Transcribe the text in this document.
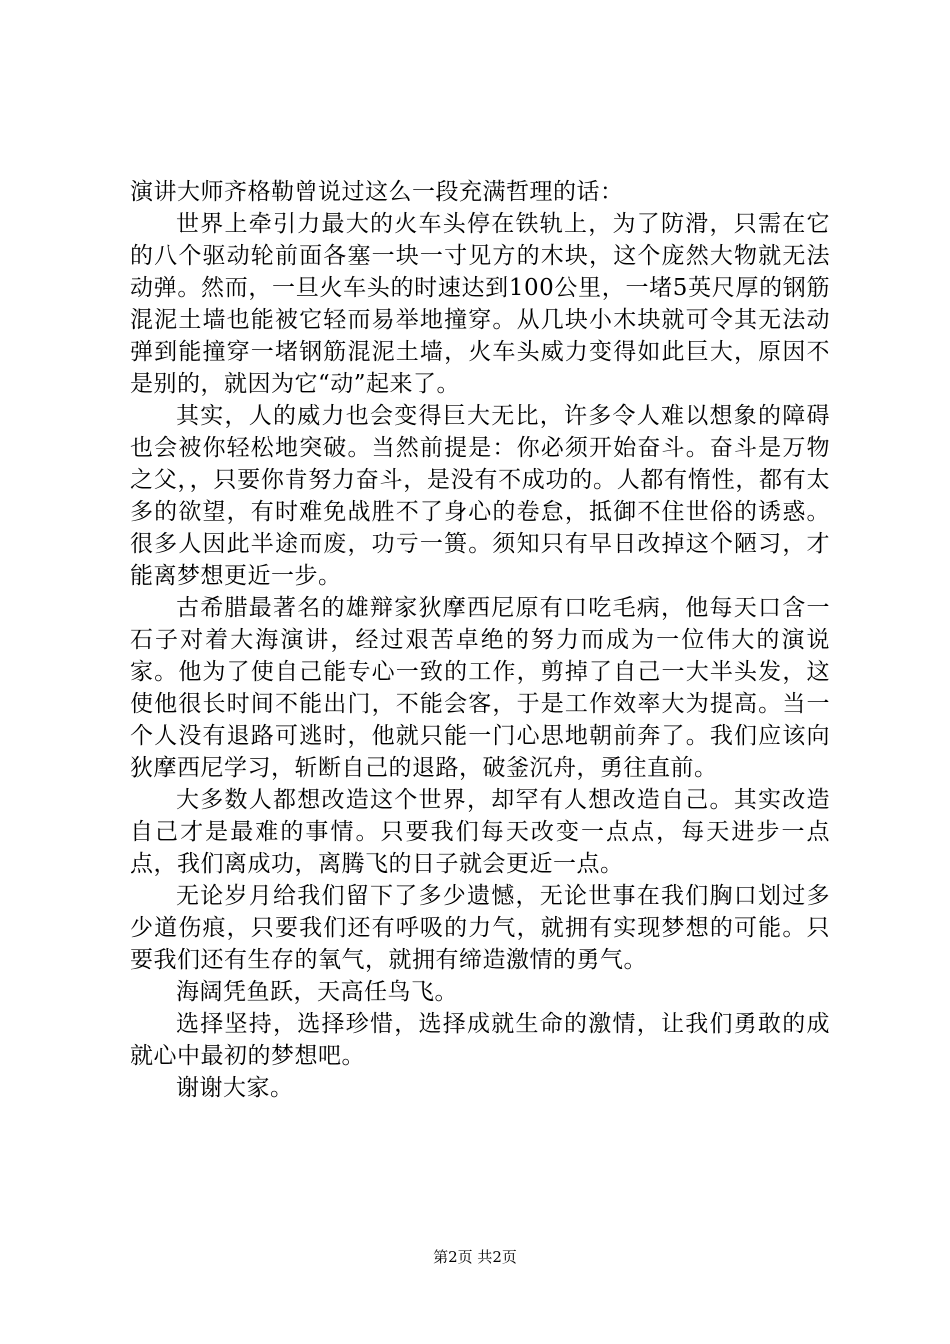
演讲大师齐格勒曾说过这么一段充满哲理的话：

世界上牵引力最大的火车头停在铁轨上，为了防滑，只需在它的八个驱动轮前面各塞一块一寸见方的木块，这个庞然大物就无法动弹。然而，一旦火车头的时速达到100公里，一堵5英尺厚的钢筋混泥土墙也能被它轻而易举地撞穿。从几块小木块就可令其无法动弹到能撞穿一堵钢筋混泥土墙，火车头威力变得如此巨大，原因不是别的，就因为它“动”起来了。

其实，人的威力也会变得巨大无比，许多令人难以想象的障碍也会被你轻松地突破。当然前提是：你必须开始奋斗。奋斗是万物之父，，只要你肯努力奋斗，是没有不成功的。人都有惰性，都有太多的欲望，有时难免战胜不了身心的卷怠，抵御不住世俗的诱惑。很多人因此半途而废，功亏一篑。须知只有早日改掉这个陋习，才能离梦想更近一步。

古希腊最著名的雄辩家狄摩西尼原有口吃毛病，他每天口含一石子对着大海演讲，经过艰苦卓绝的努力而成为一位伟大的演说家。他为了使自己能专心一致的工作，剪掉了自己一大半头发，这使他很长时间不能出门，不能会客，于是工作效率大为提高。当一个人没有退路可逃时，他就只能一门心思地朝前奔了。我们应该向狄摩西尼学习，斩断自己的退路，破釜沉舟，勇往直前。

大多数人都想改造这个世界，却罕有人想改造自己。其实改造自己才是最难的事情。只要我们每天改变一点点，每天进步一点点，我们离成功，离腾飞的日子就会更近一点。

无论岁月给我们留下了多少遗憾，无论世事在我们胸口划过多少道伤痕，只要我们还有呼吸的力气，就拥有实现梦想的可能。只要我们还有生存的氧气，就拥有缔造激情的勇气。

海阔凭鱼跃，天高任鸟飞。

选择坚持，选择珍惜，选择成就生命的激情，让我们勇敢的成就心中最初的梦想吧。

谢谢大家。

第2页 共2页
